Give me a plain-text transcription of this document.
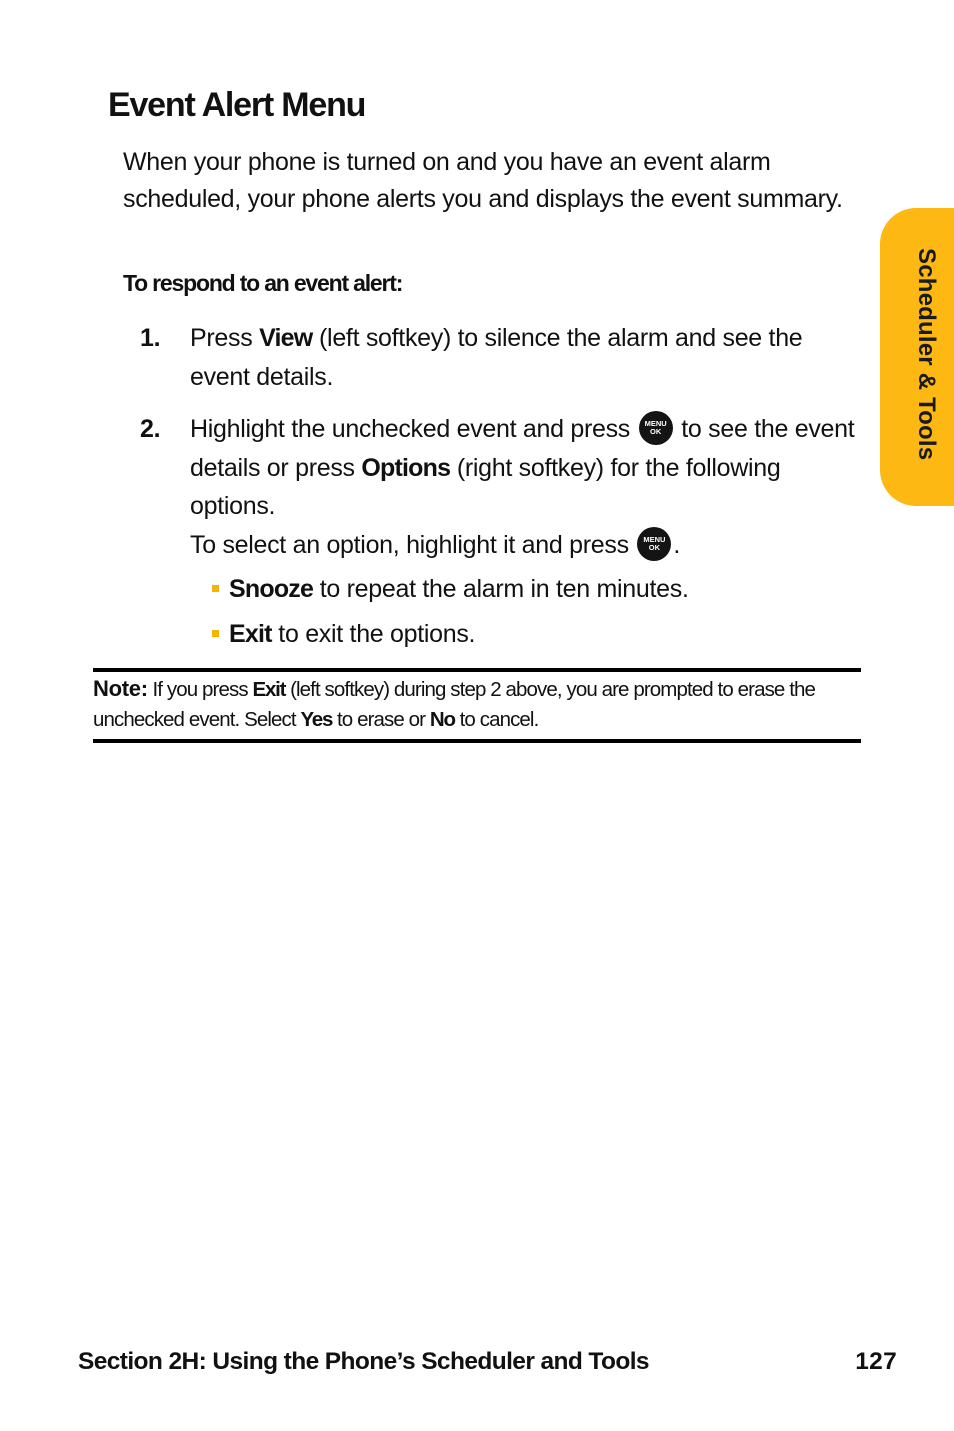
Event Alert Menu

When your phone is turned on and you have an event alarm scheduled, your phone alerts you and displays the event summary.

To respond to an event alert:

1. Press View (left softkey) to silence the alarm and see the event details.
2. Highlight the unchecked event and press	MENU
OK to see the event details or press Options (right softkey) for the following options.
To select an option, highlight it and press	MENU
OK .
Snooze to repeat the alarm in ten minutes.
Exit to exit the options.

Note: If you press Exit (left softkey) during step 2 above, you are prompted to erase the unchecked event. Select Yes to erase or No to cancel.

Scheduler & Tools
Section 2H: Using the Phone’s Scheduler and Tools	127
